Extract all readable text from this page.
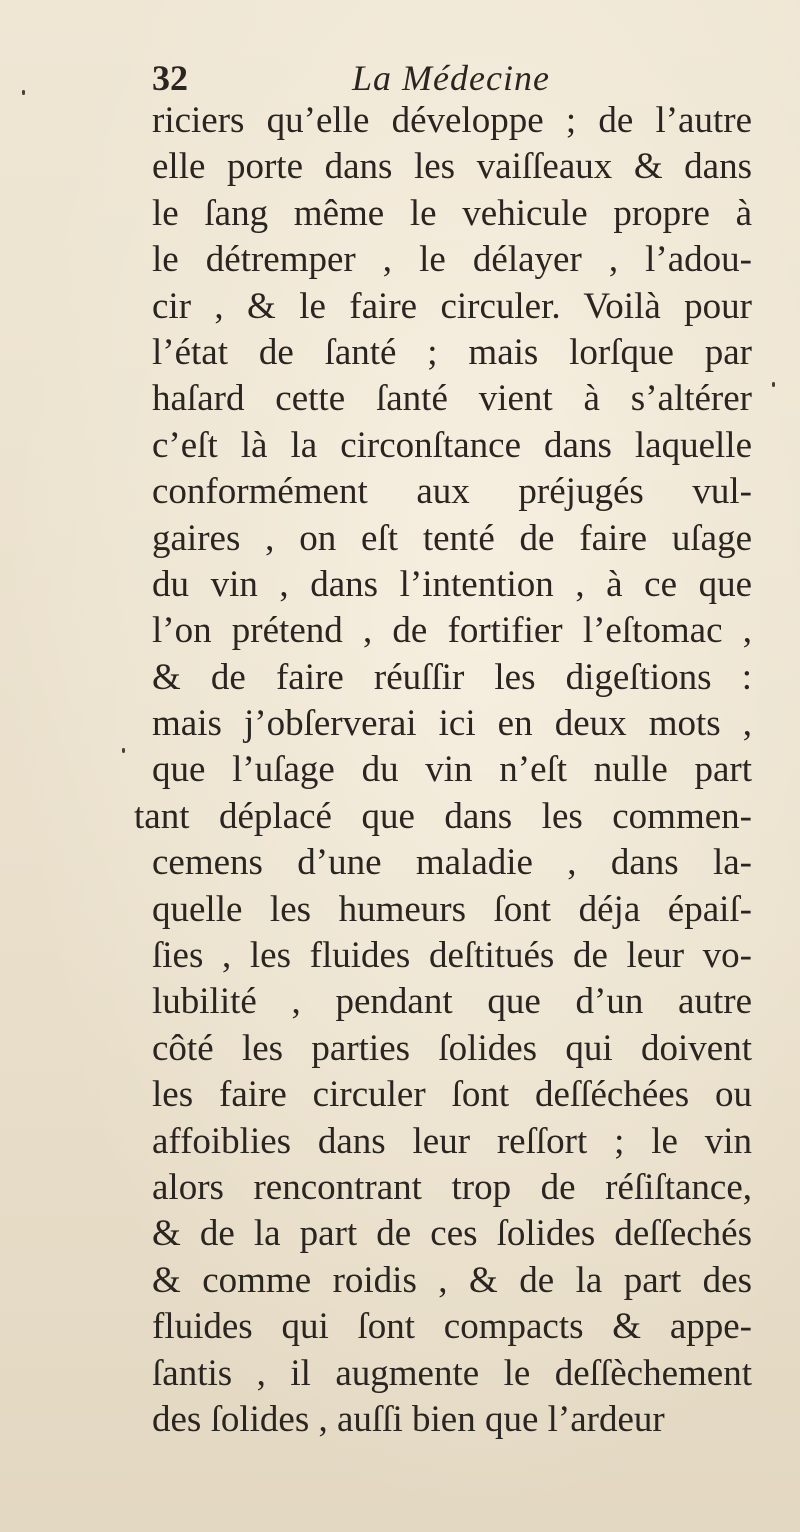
32	La Médecine
riciers qu’elle développe ; de l’autre
elle porte dans les vaiſſeaux & dans
le ſang même le vehicule propre à
le détremper , le délayer , l’adou-
cir , & le faire circuler. Voilà pour
l’état de ſanté ; mais lorſque par
haſard cette ſanté vient à s’altérer
c’eſt là la circonſtance dans laquelle
conformément aux préjugés vul-
gaires , on eſt tenté de faire uſage
du vin , dans l’intention , à ce que
l’on prétend , de fortifier l’eſtomac ,
& de faire réuſſir les digeſtions :
mais j’obſerverai ici en deux mots ,
que l’uſage du vin n’eſt nulle part
tant déplacé que dans les commen-
cemens d’une maladie , dans la-
quelle les humeurs ſont déja épaiſ-
ſies , les fluides deſtitués de leur vo-
lubilité , pendant que d’un autre
côté les parties ſolides qui doivent
les faire circuler ſont deſſéchées ou
affoiblies dans leur reſſort ; le vin
alors rencontrant trop de réſiſtance,
& de la part de ces ſolides deſſechés
& comme roidis , & de la part des
fluides qui ſont compacts & appe-
ſantis , il augmente le deſſèchement
des ſolides , auſſi bien que l’ardeur
